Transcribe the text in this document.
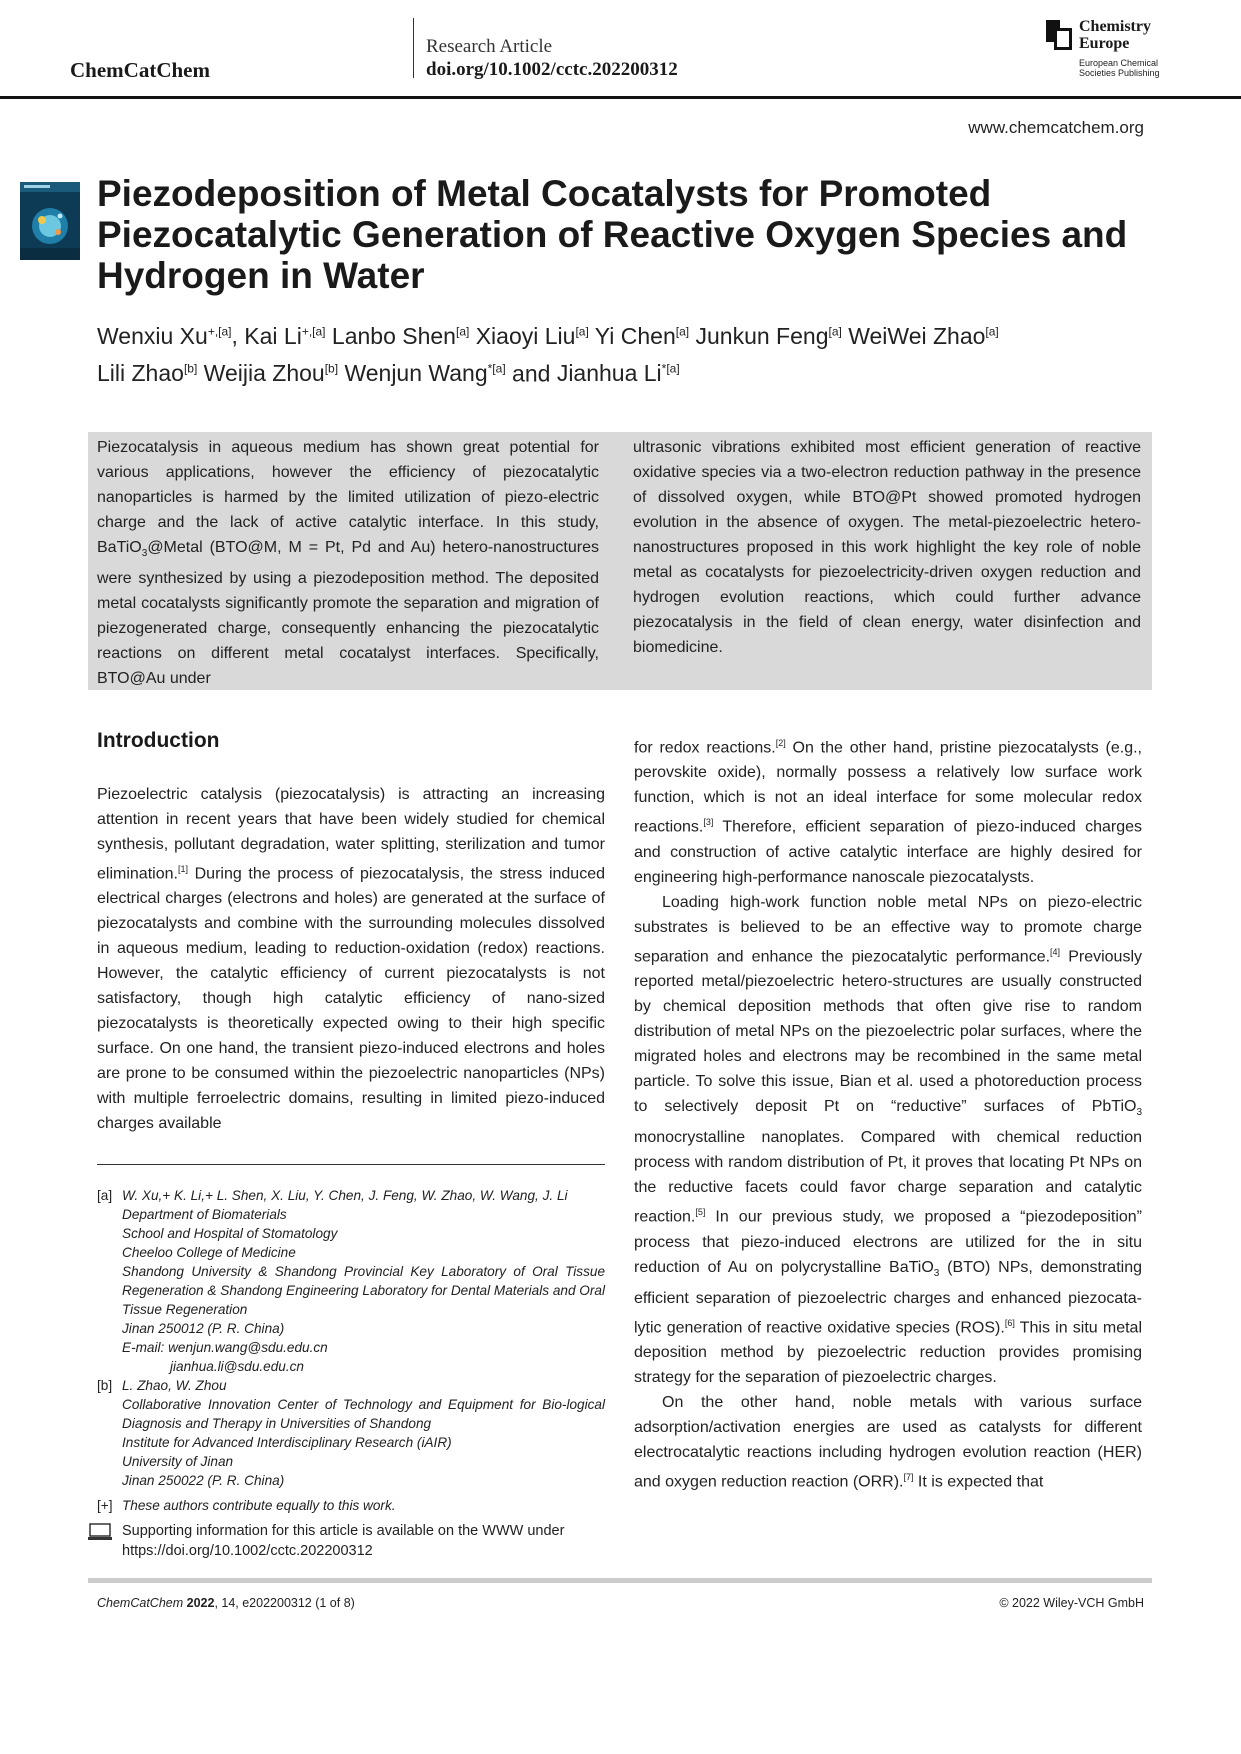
ChemCatChem
Research Article
doi.org/10.1002/cctc.202200312
Chemistry
Europe
European Chemical
Societies Publishing
www.chemcatchem.org
Piezodeposition of Metal Cocatalysts for Promoted Piezocatalytic Generation of Reactive Oxygen Species and Hydrogen in Water
Wenxiu $Xu^{+,[a]}$, Kai $Li^{+,[a]}$ Lanbo Shen[a] Xiaoyi Liu[a] Yi Chen[a] Junkun Feng[a] WeiWei Zhao[a]
Lili Zhao[b] Weijia Zhou[b] Wenjun Wang$^{*[a]}$ and Jianhua $Li^{*[a]}$

Piezocatalysis in aqueous medium has shown great potential for various applications, however the efficiency of piezocatalytic nanoparticles is harmed by the limited utilization of piezo-electric charge and the lack of active catalytic interface. In this study, BaTiO$_3$@Metal (BTO@M, M = Pt, Pd and Au) hetero-nanostructures were synthesized by using a piezodeposition method. The deposited metal cocatalysts significantly promote the separation and migration of piezogenerated charge, consequently enhancing the piezocatalytic reactions on different metal cocatalyst interfaces. Specifically, BTO@Au under

ultrasonic vibrations exhibited most efficient generation of reactive oxidative species via a two-electron reduction pathway in the presence of dissolved oxygen, while BTO@Pt showed promoted hydrogen evolution in the absence of oxygen. The metal-piezoelectric hetero-nanostructures proposed in this work highlight the key role of noble metal as cocatalysts for piezoelectricity-driven oxygen reduction and hydrogen evolution reactions, which could further advance piezocatalysis in the field of clean energy, water disinfection and biomedicine.

Introduction

Piezoelectric catalysis (piezocatalysis) is attracting an increasing attention in recent years that have been widely studied for chemical synthesis, pollutant degradation, water splitting, sterilization and tumor elimination.[1] During the process of piezocatalysis, the stress induced electrical charges (electrons and holes) are generated at the surface of piezocatalysts and combine with the surrounding molecules dissolved in aqueous medium, leading to reduction-oxidation (redox) reactions. However, the catalytic efficiency of current piezocatalysts is not satisfactory, though high catalytic efficiency of nano-sized piezocatalysts is theoretically expected owing to their high specific surface. On one hand, the transient piezo-induced electrons and holes are prone to be consumed within the piezoelectric nanoparticles (NPs) with multiple ferroelectric domains, resulting in limited piezo-induced charges available

for redox reactions.[2] On the other hand, pristine piezocatalysts (e.g., perovskite oxide), normally possess a relatively low surface work function, which is not an ideal interface for some molecular redox reactions.[3] Therefore, efficient separation of piezo-induced charges and construction of active catalytic interface are highly desired for engineering high-performance nanoscale piezocatalysts.

Loading high-work function noble metal NPs on piezo-electric substrates is believed to be an effective way to promote charge separation and enhance the piezocatalytic performance.[4] Previously reported metal/piezoelectric hetero-structures are usually constructed by chemical deposition methods that often give rise to random distribution of metal NPs on the piezoelectric polar surfaces, where the migrated holes and electrons may be recombined in the same metal particle. To solve this issue, Bian et al. used a photoreduction process to selectively deposit Pt on “reductive” surfaces of PbTiO$_3$ monocrystalline nanoplates. Compared with chemical reduction process with random distribution of Pt, it proves that locating Pt NPs on the reductive facets could favor charge separation and catalytic reaction.[5] In our previous study, we proposed a “piezodeposition” process that piezo-induced electrons are utilized for the in situ reduction of Au on polycrystalline BaTiO$_3$ (BTO) NPs, demonstrating efficient separation of piezoelectric charges and enhanced piezocata-lytic generation of reactive oxidative species (ROS).[6] This in situ metal deposition method by piezoelectric reduction provides promising strategy for the separation of piezoelectric charges.

On the other hand, noble metals with various surface adsorption/activation energies are used as catalysts for different electrocatalytic reactions including hydrogen evolution reaction (HER) and oxygen reduction reaction (ORR).[7] It is expected that

[a] W. Xu,+ K. Li,+ L. Shen, X. Liu, Y. Chen, J. Feng, W. Zhao, W. Wang, J. Li
Department of Biomaterials
School and Hospital of Stomatology
Cheeloo College of Medicine
Shandong University & Shandong Provincial Key Laboratory of Oral Tissue Regeneration & Shandong Engineering Laboratory for Dental Materials and Oral Tissue Regeneration
Jinan 250012 (P. R. China)
E-mail: wenjun.wang@sdu.edu.cn
jianhua.li@sdu.edu.cn
[b] L. Zhao, W. Zhou
Collaborative Innovation Center of Technology and Equipment for Bio-logical Diagnosis and Therapy in Universities of Shandong
Institute for Advanced Interdisciplinary Research (iAIR)
University of Jinan
Jinan 250022 (P. R. China)
[+] These authors contribute equally to this work.
Supporting information for this article is available on the WWW under https://doi.org/10.1002/cctc.202200312
ChemCatChem 2022, 14, e202200312 (1 of 8)	© 2022 Wiley-VCH GmbH
